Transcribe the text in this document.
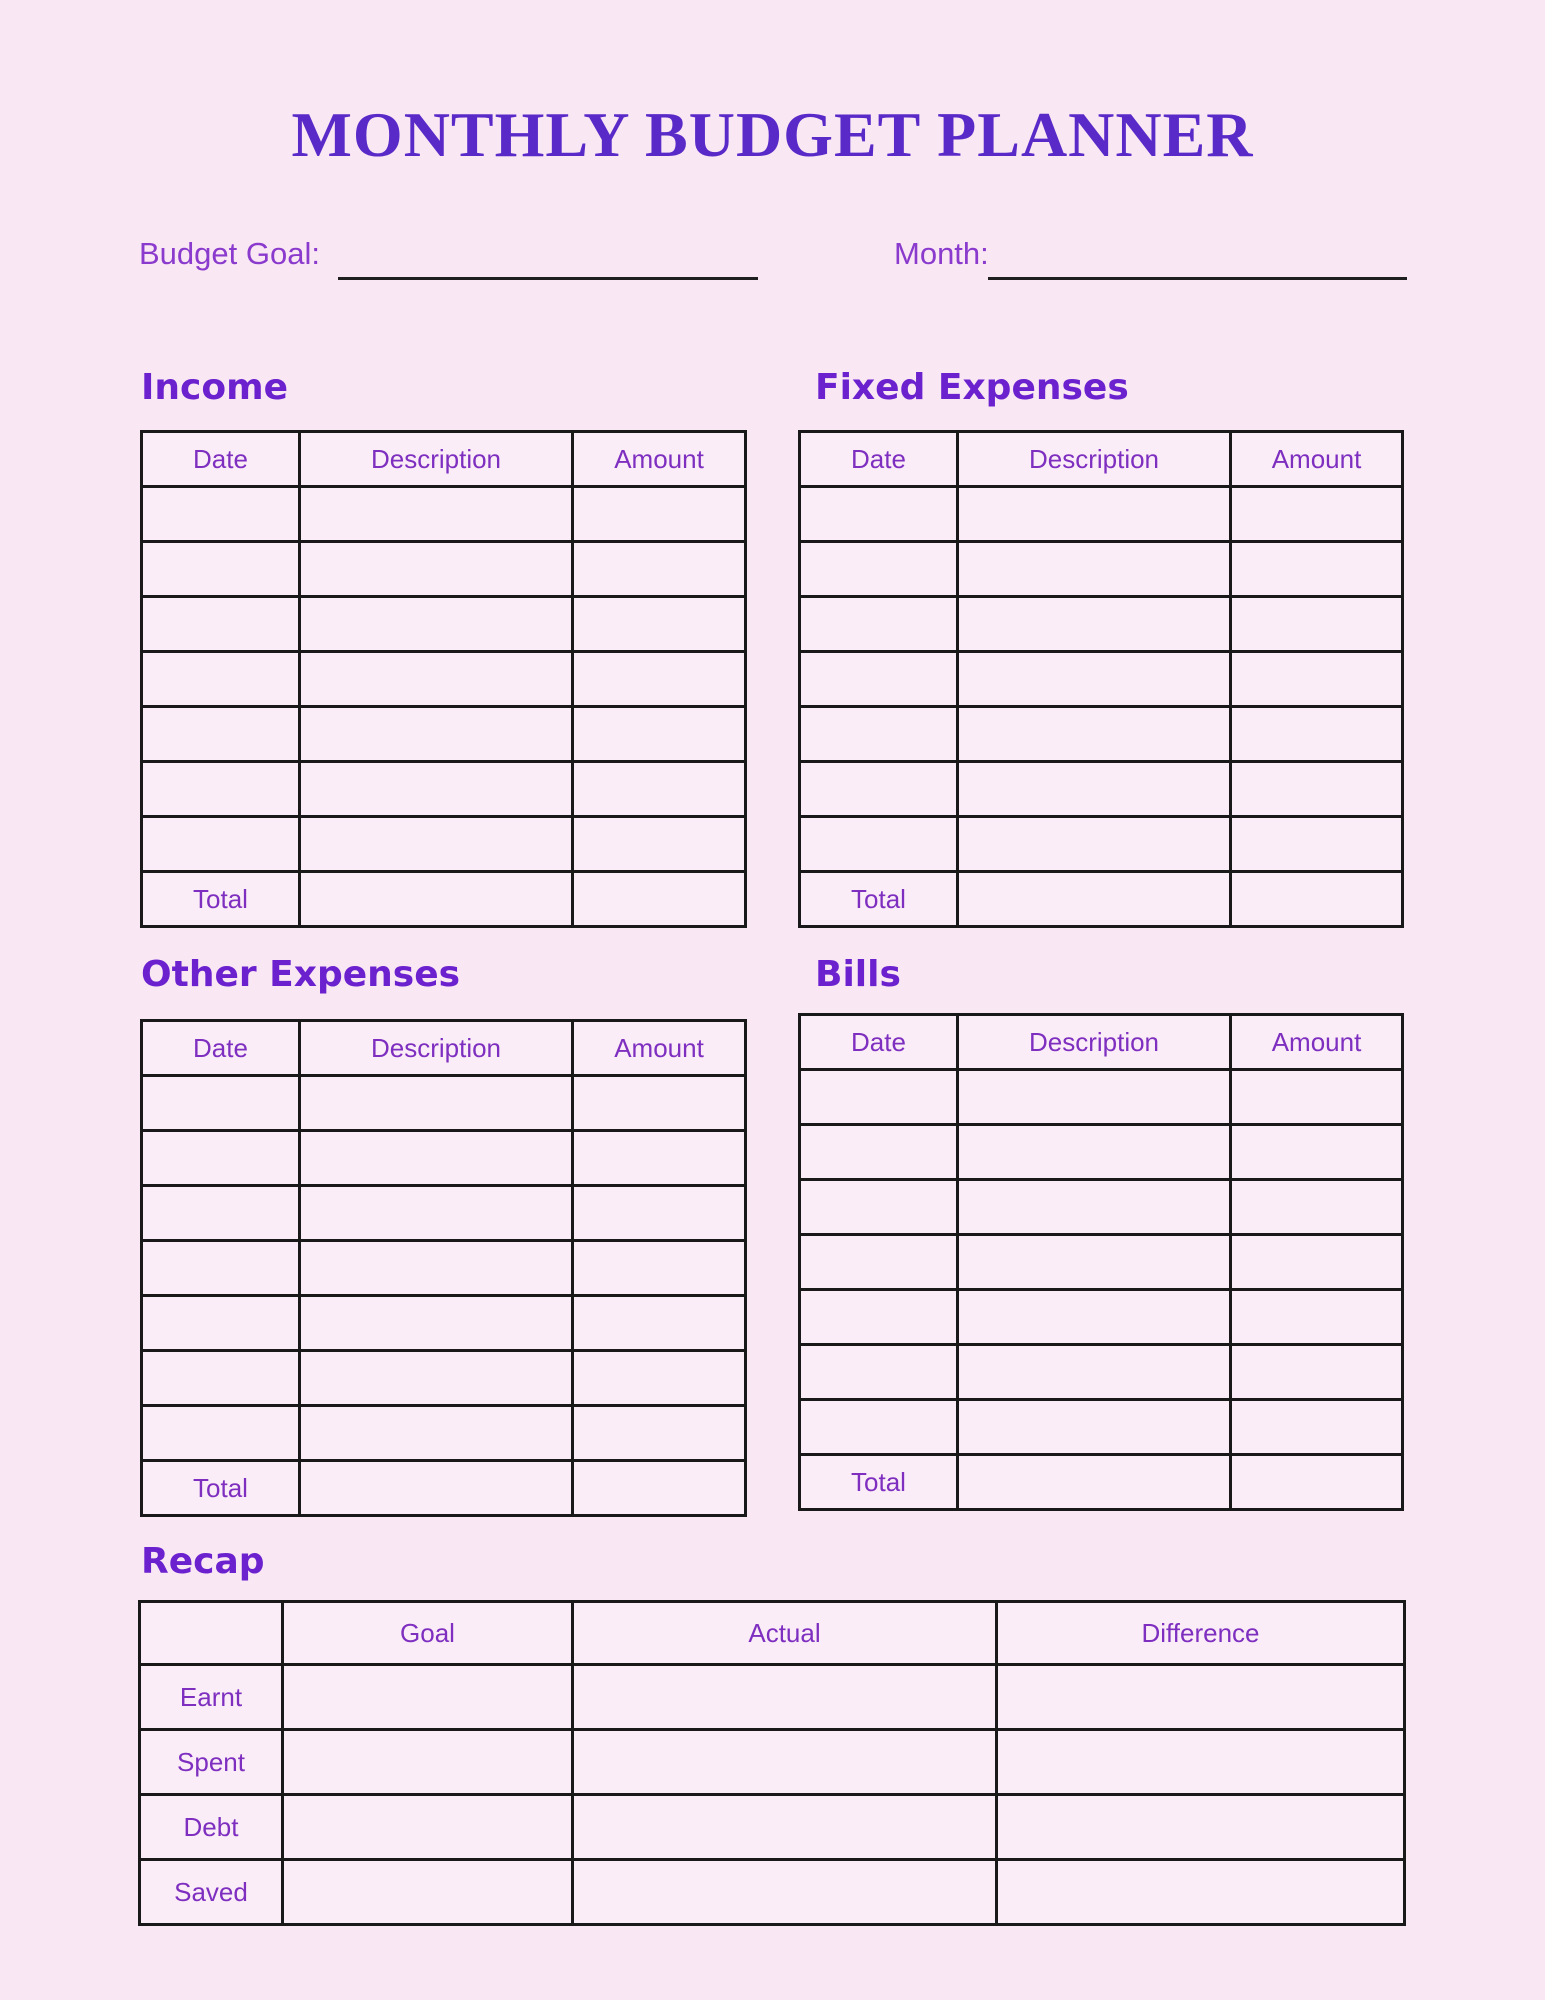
MONTHLY BUDGET PLANNER

Budget Goal:	Month:

Income
Date	Description	Amount

Total		
Fixed Expenses
Date	Description	Amount

Total		
Other Expenses
Date	Description	Amount

Total		
Bills
Date	Description	Amount

Total		
Recap
	Goal	Actual	Difference
Earnt			
Spent			
Debt			
Saved			
